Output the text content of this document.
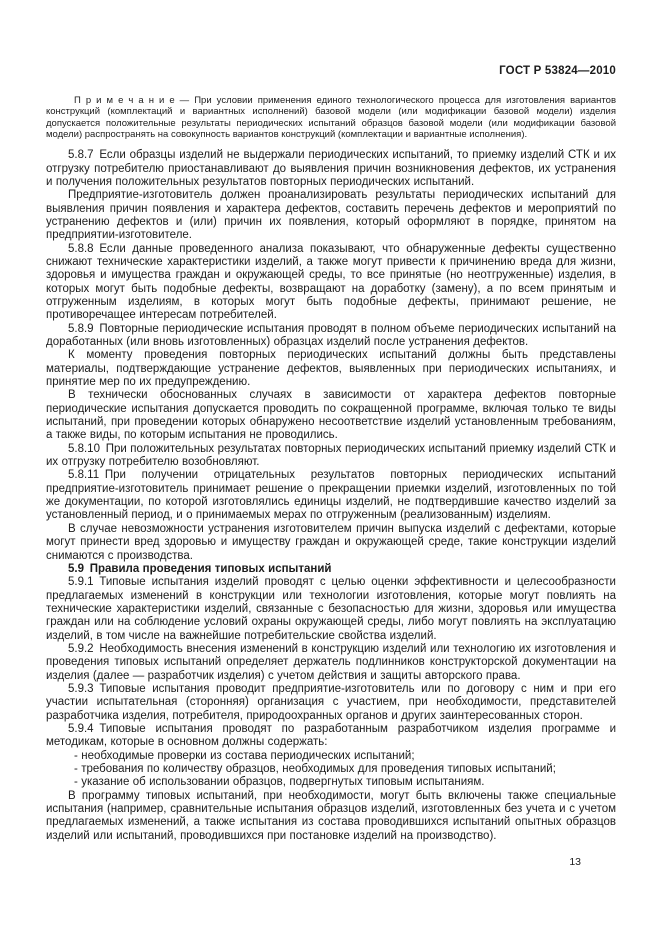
ГОСТ Р 53824—2010

П р и м е ч а н и е — При условии применения единого технологического процесса для изготовления вариантов конструкций (комплектаций и вариантных исполнений) базовой модели (или модификации базовой модели) изделия допускается положительные результаты периодических испытаний образцов базовой модели (или модификации базовой модели) распространять на совокупность вариантов конструкций (комплектации и вариантные исполнения).

5.8.7 Если образцы изделий не выдержали периодических испытаний, то приемку изделий СТК и их отгрузку потребителю приостанавливают до выявления причин возникновения дефектов, их устранения и получения положительных результатов повторных периодических испытаний.

Предприятие-изготовитель должен проанализировать результаты периодических испытаний для выявления причин появления и характера дефектов, составить перечень дефектов и мероприятий по устранению дефектов и (или) причин их появления, который оформляют в порядке, принятом на предприятии-изготовителе.

5.8.8 Если данные проведенного анализа показывают, что обнаруженные дефекты существенно снижают технические характеристики изделий, а также могут привести к причинению вреда для жизни, здоровья и имущества граждан и окружающей среды, то все принятые (но неотгруженные) изделия, в которых могут быть подобные дефекты, возвращают на доработку (замену), а по всем принятым и отгруженным изделиям, в которых могут быть подобные дефекты, принимают решение, не противоречащее интересам потребителей.

5.8.9 Повторные периодические испытания проводят в полном объеме периодических испытаний на доработанных (или вновь изготовленных) образцах изделий после устранения дефектов.

К моменту проведения повторных периодических испытаний должны быть представлены материалы, подтверждающие устранение дефектов, выявленных при периодических испытаниях, и принятие мер по их предупреждению.

В технически обоснованных случаях в зависимости от характера дефектов повторные периодические испытания допускается проводить по сокращенной программе, включая только те виды испытаний, при проведении которых обнаружено несоответствие изделий установленным требованиям, а также виды, по которым испытания не проводились.

5.8.10 При положительных результатах повторных периодических испытаний приемку изделий СТК и их отгрузку потребителю возобновляют.

5.8.11 При получении отрицательных результатов повторных периодических испытаний предприятие-изготовитель принимает решение о прекращении приемки изделий, изготовленных по той же документации, по которой изготовлялись единицы изделий, не подтвердившие качество изделий за установленный период, и о принимаемых мерах по отгруженным (реализованным) изделиям.

В случае невозможности устранения изготовителем причин выпуска изделий с дефектами, которые могут принести вред здоровью и имуществу граждан и окружающей среде, такие конструкции изделий снимаются с производства.

5.9 Правила проведения типовых испытаний

5.9.1 Типовые испытания изделий проводят с целью оценки эффективности и целесообразности предлагаемых изменений в конструкции или технологии изготовления, которые могут повлиять на технические характеристики изделий, связанные с безопасностью для жизни, здоровья или имущества граждан или на соблюдение условий охраны окружающей среды, либо могут повлиять на эксплуатацию изделий, в том числе на важнейшие потребительские свойства изделий.

5.9.2 Необходимость внесения изменений в конструкцию изделий или технологию их изготовления и проведения типовых испытаний определяет держатель подлинников конструкторской документации на изделия (далее — разработчик изделия) с учетом действия и защиты авторского права.

5.9.3 Типовые испытания проводит предприятие-изготовитель или по договору с ним и при его участии испытательная (сторонняя) организация с участием, при необходимости, представителей разработчика изделия, потребителя, природоохранных органов и других заинтересованных сторон.

5.9.4 Типовые испытания проводят по разработанным разработчиком изделия программе и методикам, которые в основном должны содержать:

- необходимые проверки из состава периодических испытаний;

- требования по количеству образцов, необходимых для проведения типовых испытаний;

- указание об использовании образцов, подвергнутых типовым испытаниям.

В программу типовых испытаний, при необходимости, могут быть включены также специальные испытания (например, сравнительные испытания образцов изделий, изготовленных без учета и с учетом предлагаемых изменений, а также испытания из состава проводившихся испытаний опытных образцов изделий или испытаний, проводившихся при постановке изделий на производство).

13
